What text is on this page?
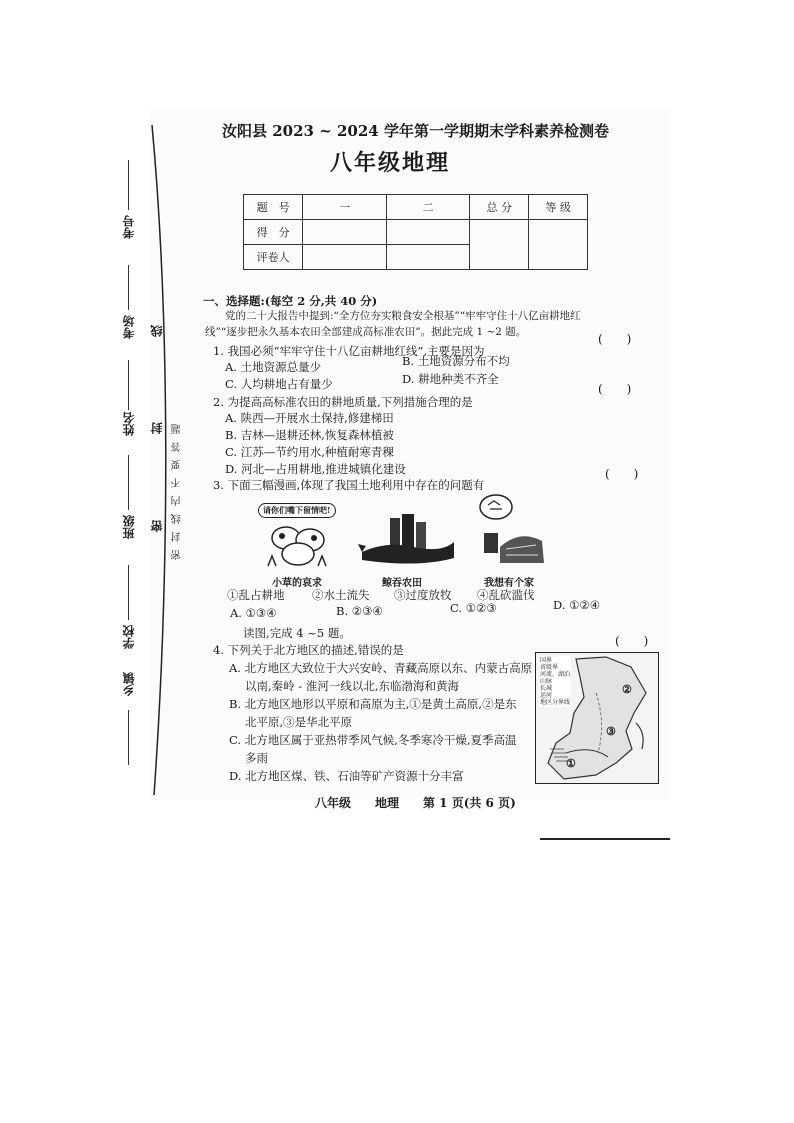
考号
考场
姓名
班级
学校
乡镇
线
封
密 密封线内不要答题
汝阳县 2023 ~ 2024 学年第一学期期末学科素养检测卷
八年级地理
题　号	一	二	总 分	等 级
得　分				
评卷人				
一、选择题:(每空 2 分,共 40 分)
党的二十大报告中提到:“全方位夯实粮食安全根基”“牢牢守住十八亿亩耕地红
线”“逐步把永久基本农田全部建成高标准农田”。据此完成 1 ~2 题。
1. 我国必须“牢牢守住十八亿亩耕地红线”,主要是因为
(　　)
A. 土地资源总量少	B. 土地资源分布不均
C. 人均耕地占有量少	D. 耕地种类不齐全
2. 为提高高标准农田的耕地质量,下列措施合理的是
(　　)
A. 陕西—开展水土保持,修建梯田
B. 吉林—退耕还林,恢复森林植被
C. 江苏—节约用水,种植耐寒青稞
D. 河北—占用耕地,推进城镇化建设
3. 下面三幅漫画,体现了我国土地利用中存在的问题有
(　　)
请你们嘴下留情吧!
小草的哀求	鲸吞农田	我想有个家
①乱占耕地 ②水土流失 ③过度放牧 ④乱砍滥伐
A. ①③④	B. ②③④	C. ①②③	D. ①②④
读图,完成 4 ~5 题。
4. 下列关于北方地区的描述,错误的是
(　　)
A. 北方地区大致位于大兴安岭、青藏高原以东、内蒙古高原
以南,秦岭 - 淮河一线以北,东临渤海和黄海
B. 北方地区地形以平原和高原为主,①是黄土高原,②是东
北平原,③是华北平原
C. 北方地区属于亚热带季风气候,冬季寒冷干燥,夏季高温
多雨
D. 北方地区煤、铁、石油等矿产资源十分丰富
国界
省级界
河流、湖泊
山脉
长城
运河
地区分界线
①
②
③
八年级　　地理　　第 1 页(共 6 页)
